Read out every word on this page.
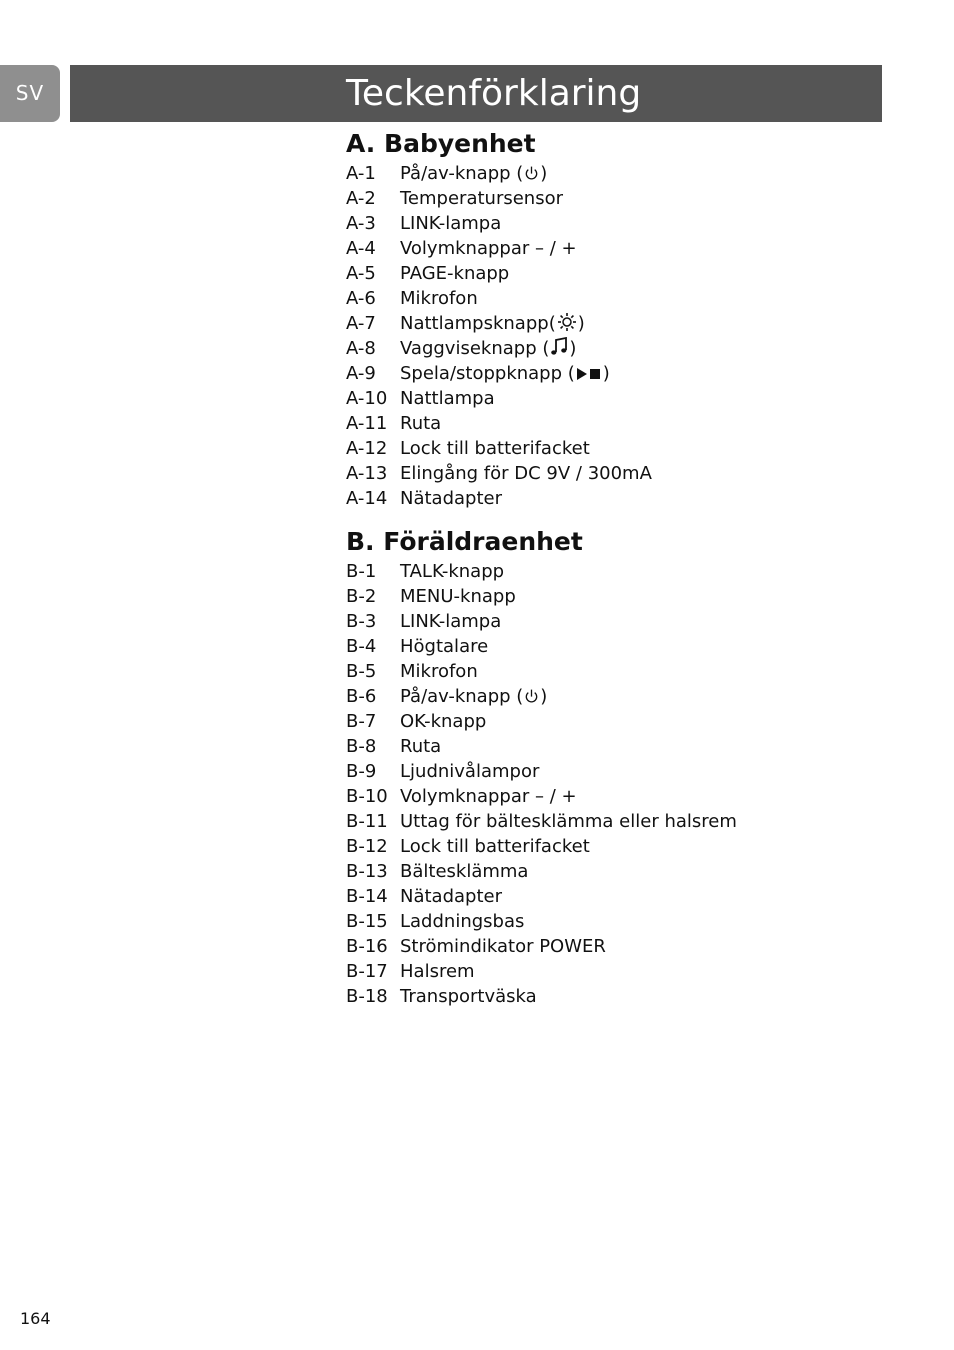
SV	Teckenförklaring
A. Babyenhet
A-1	På/av-knapp ( )
A-2	Temperatursensor
A-3	LINK-lampa
A-4	Volymknappar – / +
A-5	PAGE-knapp
A-6	Mikrofon
A-7	Nattlampsknapp( )
A-8	Vaggviseknapp ( )
A-9	Spela/stoppknapp ( )
A-10 Nattlampa
A-11 Ruta
A-12 Lock till batterifacket
A-13 Elingång för DC 9V / 300mA
A-14 Nätadapter
B. Föräldraenhet
B-1	TALK-knapp
B-2	MENU-knapp
B-3	LINK-lampa
B-4	Högtalare
B-5	Mikrofon
B-6	På/av-knapp ( )
B-7	OK-knapp
B-8	Ruta
B-9	Ljudnivålampor
B-10 Volymknappar – / +
B-11 Uttag för bältesklämma eller halsrem
B-12 Lock till batterifacket
B-13 Bältesklämma
B-14 Nätadapter
B-15 Laddningsbas
B-16 Strömindikator POWER
B-17 Halsrem
B-18 Transportväska
164
